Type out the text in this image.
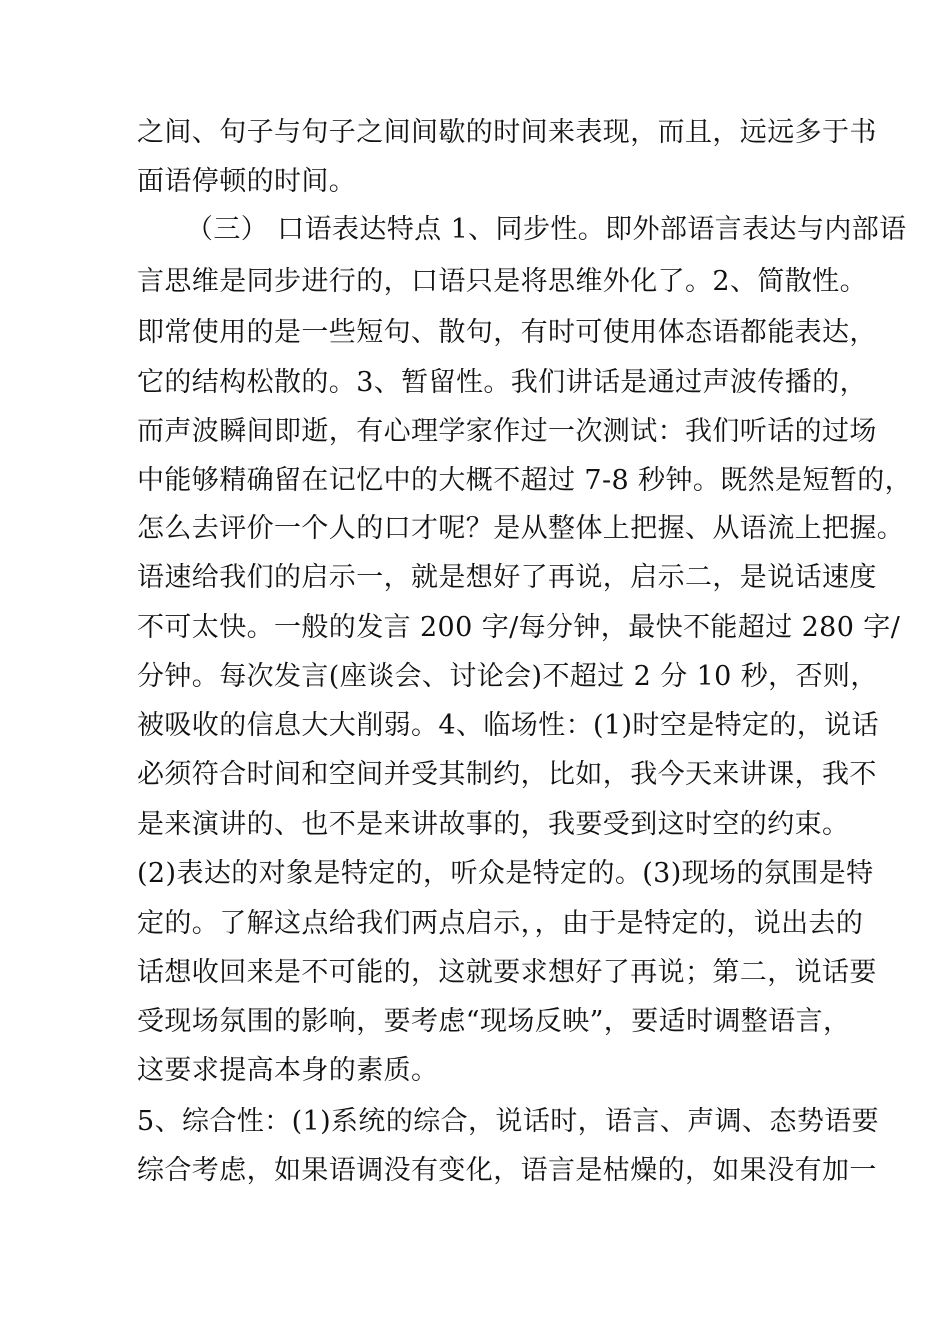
之间、句子与句子之间间歇的时间来表现，而且，远远多于书
面语停顿的时间。
（三） 口语表达特点 1、同步性。即外部语言表达与内部语
言思维是同步进行的，口语只是将思维外化了。2、简散性。
即常使用的是一些短句、散句，有时可使用体态语都能表达，
它的结构松散的。3、暂留性。我们讲话是通过声波传播的，
而声波瞬间即逝，有心理学家作过一次测试：我们听话的过场
中能够精确留在记忆中的大概不超过 7-8 秒钟。既然是短暂的，
怎么去评价一个人的口才呢？是从整体上把握、从语流上把握。
语速给我们的启示一，就是想好了再说，启示二，是说话速度
不可太快。一般的发言 200 字/每分钟，最快不能超过 280 字/
分钟。每次发言(座谈会、讨论会)不超过 2 分 10 秒，否则，
被吸收的信息大大削弱。4、临场性：(1)时空是特定的，说话
必须符合时间和空间并受其制约，比如，我今天来讲课，我不
是来演讲的、也不是来讲故事的，我要受到这时空的约束。
(2)表达的对象是特定的，听众是特定的。(3)现场的氛围是特
定的。了解这点给我们两点启示，，由于是特定的，说出去的
话想收回来是不可能的，这就要求想好了再说；第二，说话要
受现场氛围的影响，要考虑“现场反映”，要适时调整语言，
这要求提高本身的素质。
5、综合性：(1)系统的综合，说话时，语言、声调、态势语要
综合考虑，如果语调没有变化，语言是枯燥的，如果没有加一
